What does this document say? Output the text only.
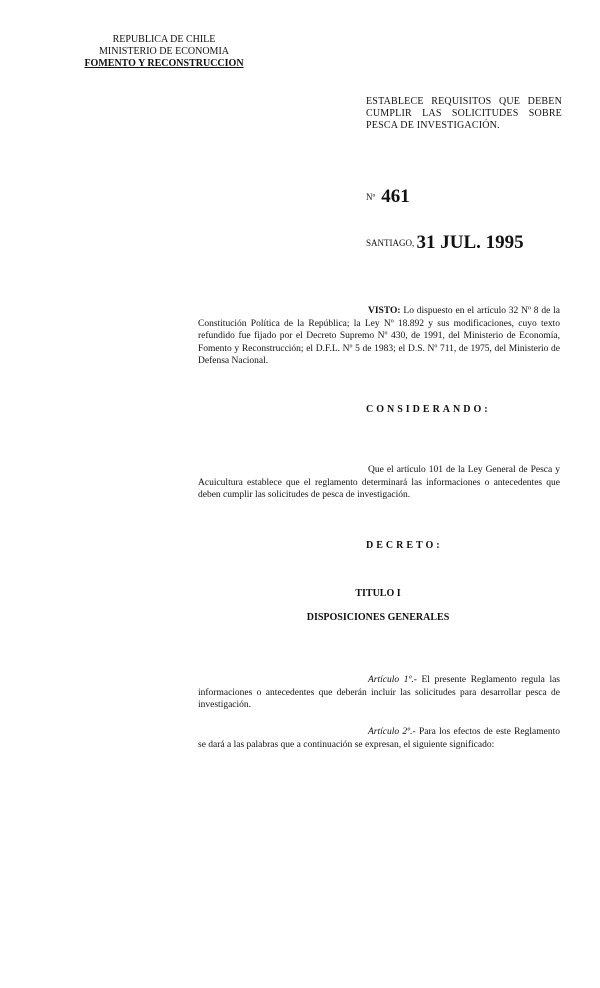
REPUBLICA DE CHILE
MINISTERIO DE ECONOMIA
FOMENTO Y RECONSTRUCCION
ESTABLECE REQUISITOS QUE DEBEN CUMPLIR LAS SOLICITUDES SOBRE PESCA DE INVESTIGACIÓN.
Nº 461
SANTIAGO, 31 JUL. 1995
VISTO: Lo dispuesto en el artículo 32 Nº 8 de la Constitución Política de la República; la Ley Nº 18.892 y sus modificaciones, cuyo texto refundido fue fijado por el Decreto Supremo Nº 430, de 1991, del Ministerio de Economía, Fomento y Reconstrucción; el D.F.L. Nº 5 de 1983; el D.S. Nº 711, de 1975, del Ministerio de Defensa Nacional.
CONSIDERANDO:
Que el artículo 101 de la Ley General de Pesca y Acuicultura establece que el reglamento determinará las informaciones o antecedentes que deben cumplir las solicitudes de pesca de investigación.
DECRETO:
TITULO I
DISPOSICIONES GENERALES
Artículo 1º.- El presente Reglamento regula las informaciones o antecedentes que deberán incluir las solicitudes para desarrollar pesca de investigación.
Artículo 2º.- Para los efectos de este Reglamento se dará a las palabras que a continuación se expresan, el siguiente significado:
